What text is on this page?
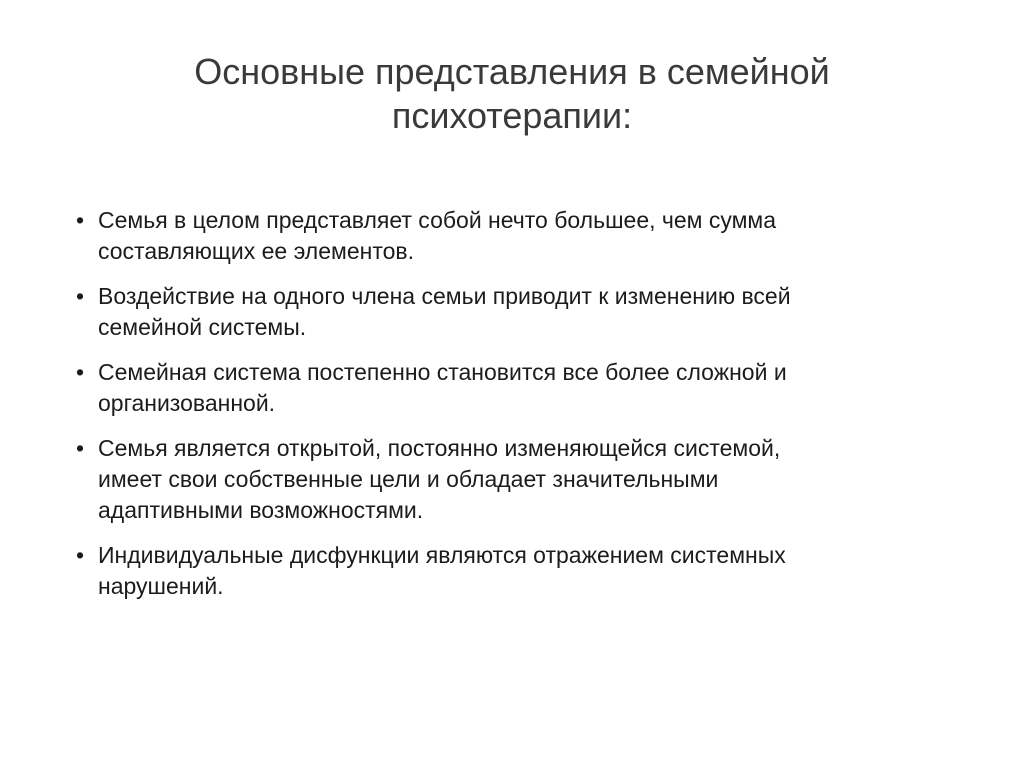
Основные представления в семейной
психотерапии:
• Семья в целом представляет собой нечто большее, чем сумма
составляющих ее элементов.
• Воздействие на одного члена семьи приводит к изменению всей
семейной системы.
• Семейная система постепенно становится все более сложной и
организованной.
• Семья является открытой, постоянно изменяющейся системой,
имеет свои собственные цели и обладает значительными
адаптивными возможностями.
• Индивидуальные дисфункции являются отражением системных
нарушений.
